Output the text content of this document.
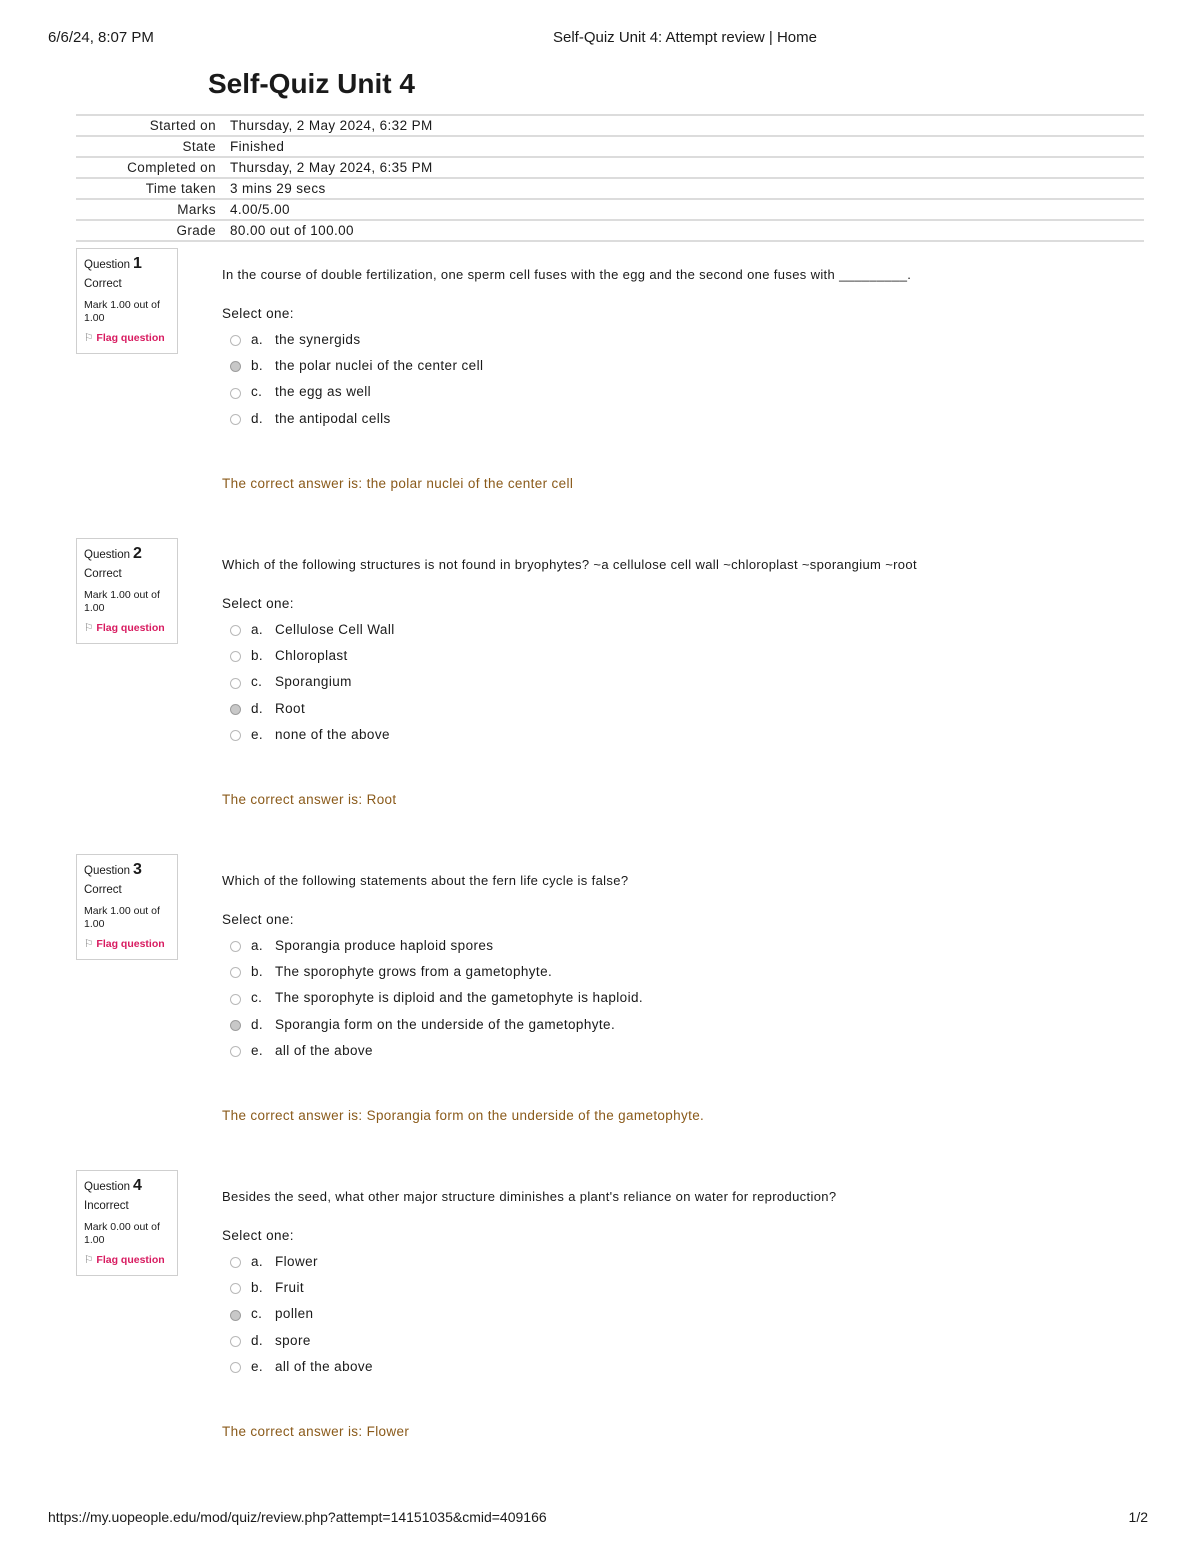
6/6/24, 8:07 PM	Self-Quiz Unit 4: Attempt review | Home
Self-Quiz Unit 4
Started on	Thursday, 2 May 2024, 6:32 PM
State	Finished
Completed on	Thursday, 2 May 2024, 6:35 PM
Time taken	3 mins 29 secs
Marks	4.00/5.00
Grade	80.00 out of 100.00
Question 1
Correct
Mark 1.00 out of 1.00
⚐ Flag question
In the course of double fertilization, one sperm cell fuses with the egg and the second one fuses with _________.
Select one:
a. the synergids
b. the polar nuclei of the center cell
c. the egg as well
d. the antipodal cells
The correct answer is: the polar nuclei of the center cell
Question 2
Correct
Mark 1.00 out of 1.00
⚐ Flag question
Which of the following structures is not found in bryophytes? ~a cellulose cell wall ~chloroplast ~sporangium ~root
Select one:
a. Cellulose Cell Wall
b. Chloroplast
c. Sporangium
d. Root
e. none of the above
The correct answer is: Root
Question 3
Correct
Mark 1.00 out of 1.00
⚐ Flag question
Which of the following statements about the fern life cycle is false?
Select one:
a. Sporangia produce haploid spores
b. The sporophyte grows from a gametophyte.
c. The sporophyte is diploid and the gametophyte is haploid.
d. Sporangia form on the underside of the gametophyte.
e. all of the above
The correct answer is: Sporangia form on the underside of the gametophyte.
Question 4
Incorrect
Mark 0.00 out of 1.00
⚐ Flag question
Besides the seed, what other major structure diminishes a plant's reliance on water for reproduction?
Select one:
a. Flower
b. Fruit
c. pollen
d. spore
e. all of the above
The correct answer is: Flower
https://my.uopeople.edu/mod/quiz/review.php?attempt=14151035&cmid=409166	1/2
